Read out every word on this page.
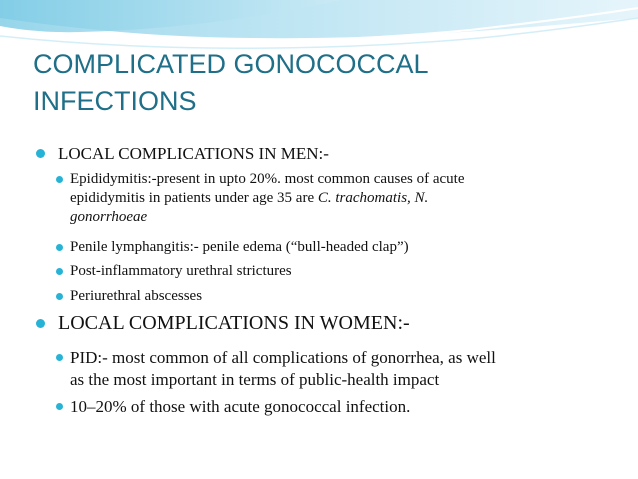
COMPLICATED GONOCOCCAL
INFECTIONS
LOCAL COMPLICATIONS IN MEN:-
Epididymitis:-present in upto 20%. most common causes of acute
epididymitis in patients under age 35 are C. trachomatis, N.
gonorrhoeae
Penile lymphangitis:- penile edema (“bull-headed clap”)
Post-inflammatory urethral strictures
Periurethral abscesses
LOCAL COMPLICATIONS IN WOMEN:-
PID:- most common of all complications of gonorrhea, as well
as the most important in terms of public-health impact
10–20% of those with acute gonococcal infection.
